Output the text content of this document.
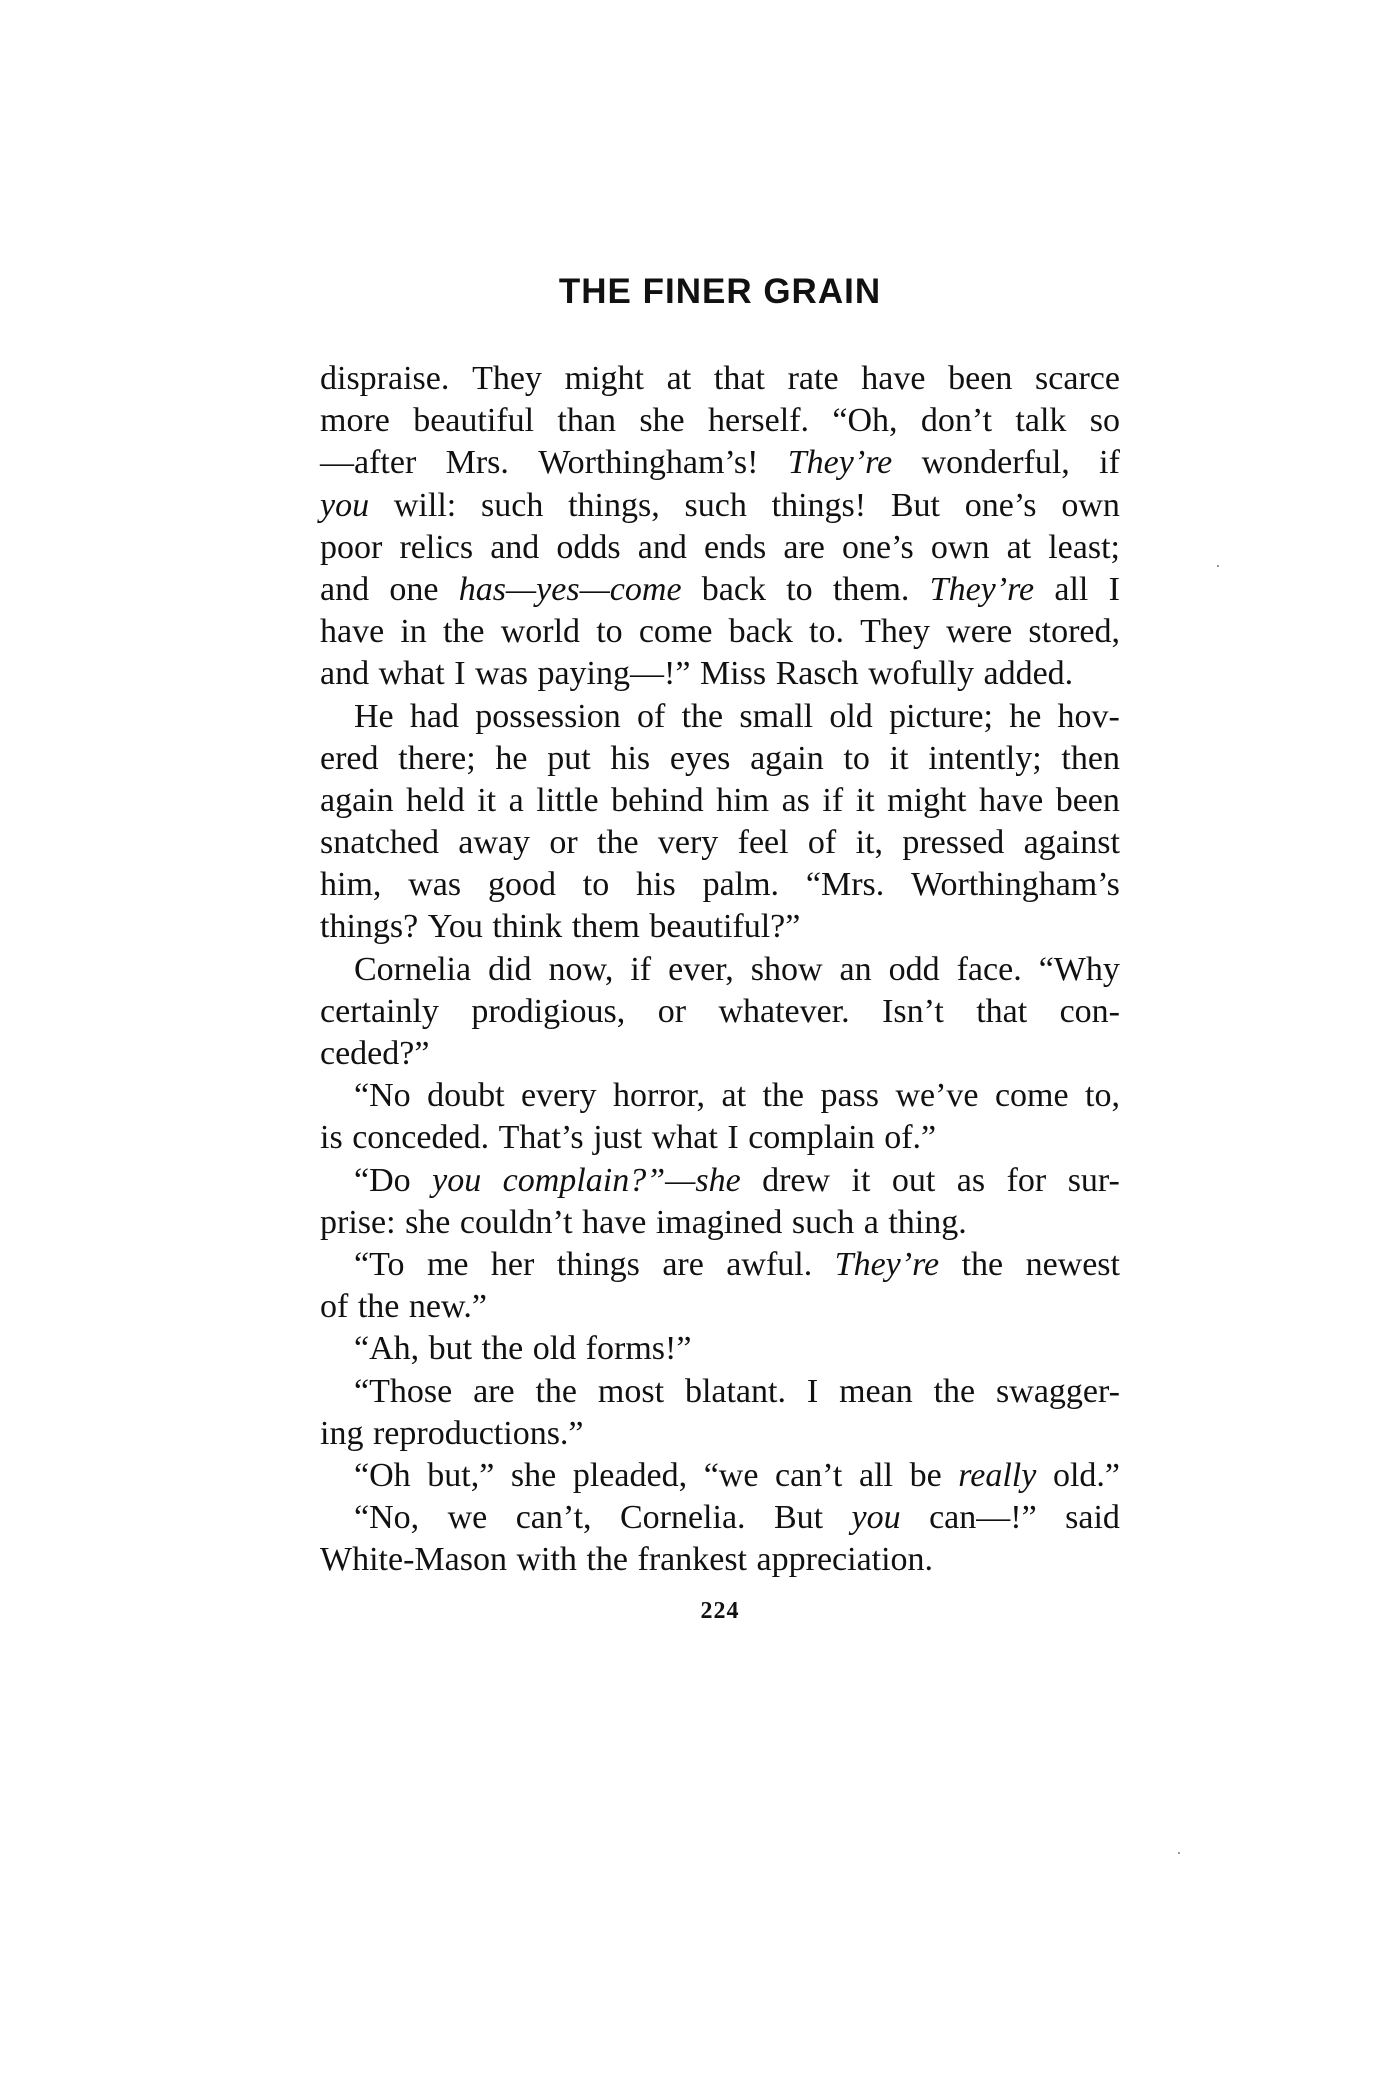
THE FINER GRAIN
dispraise. They might at that rate have been scarce
more beautiful than she herself. “Oh, don’t talk so
—after Mrs. Worthingham’s! They’re wonderful, if
you will: such things, such things! But one’s own
poor relics and odds and ends are one’s own at least;
and one has—yes—come back to them. They’re all I
have in the world to come back to. They were stored,
and what I was paying—!” Miss Rasch wofully added.
He had possession of the small old picture; he hov-
ered there; he put his eyes again to it intently; then
again held it a little behind him as if it might have been
snatched away or the very feel of it, pressed against
him, was good to his palm. “Mrs. Worthingham’s
things? You think them beautiful?”
Cornelia did now, if ever, show an odd face. “Why
certainly prodigious, or whatever. Isn’t that con-
ceded?”
“No doubt every horror, at the pass we’ve come to,
is conceded. That’s just what I complain of.”
“Do you complain?”—she drew it out as for sur-
prise: she couldn’t have imagined such a thing.
“To me her things are awful. They’re the newest
of the new.”
“Ah, but the old forms!”
“Those are the most blatant. I mean the swagger-
ing reproductions.”
“Oh but,” she pleaded, “we can’t all be really old.”
“No, we can’t, Cornelia. But you can—!” said
White-Mason with the frankest appreciation.
224
